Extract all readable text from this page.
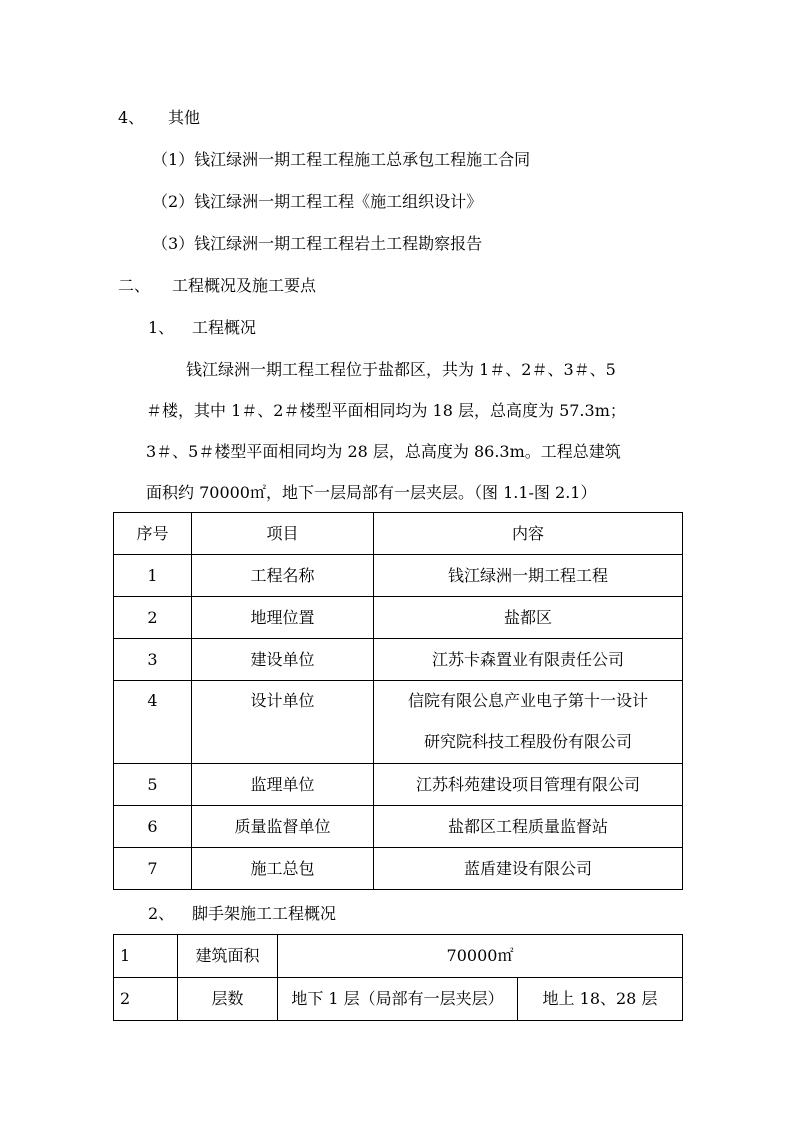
4、 其他
（1）钱江绿洲一期工程工程施工总承包工程施工合同
（2）钱江绿洲一期工程工程《施工组织设计》
（3）钱江绿洲一期工程工程岩土工程勘察报告
二、 工程概况及施工要点
1、 工程概况
钱江绿洲一期工程工程位于盐都区，共为 1＃、2＃、3＃、5
＃楼，其中 1＃、2＃楼型平面相同均为 18 层，总高度为 57.3m；
3＃、5＃楼型平面相同均为 28 层，总高度为 86.3m。工程总建筑
面积约 70000㎡，地下一层局部有一层夹层。（图 1.1-图 2.1）
序号	项目	内容
1	工程名称	钱江绿洲一期工程工程
2	地理位置	盐都区
3	建设单位	江苏卡森置业有限责任公司

4	设计单位	信院有限公息产业电子第十一设计
研究院科技工程股份有限公司

5	监理单位	江苏科苑建设项目管理有限公司
6	质量监督单位	盐都区工程质量监督站
7	施工总包	蓝盾建设有限公司
2、 脚手架施工工程概况
1	建筑面积	70000㎡	
2	层数	地下 1 层（局部有一层夹层）	地上 18、28 层
